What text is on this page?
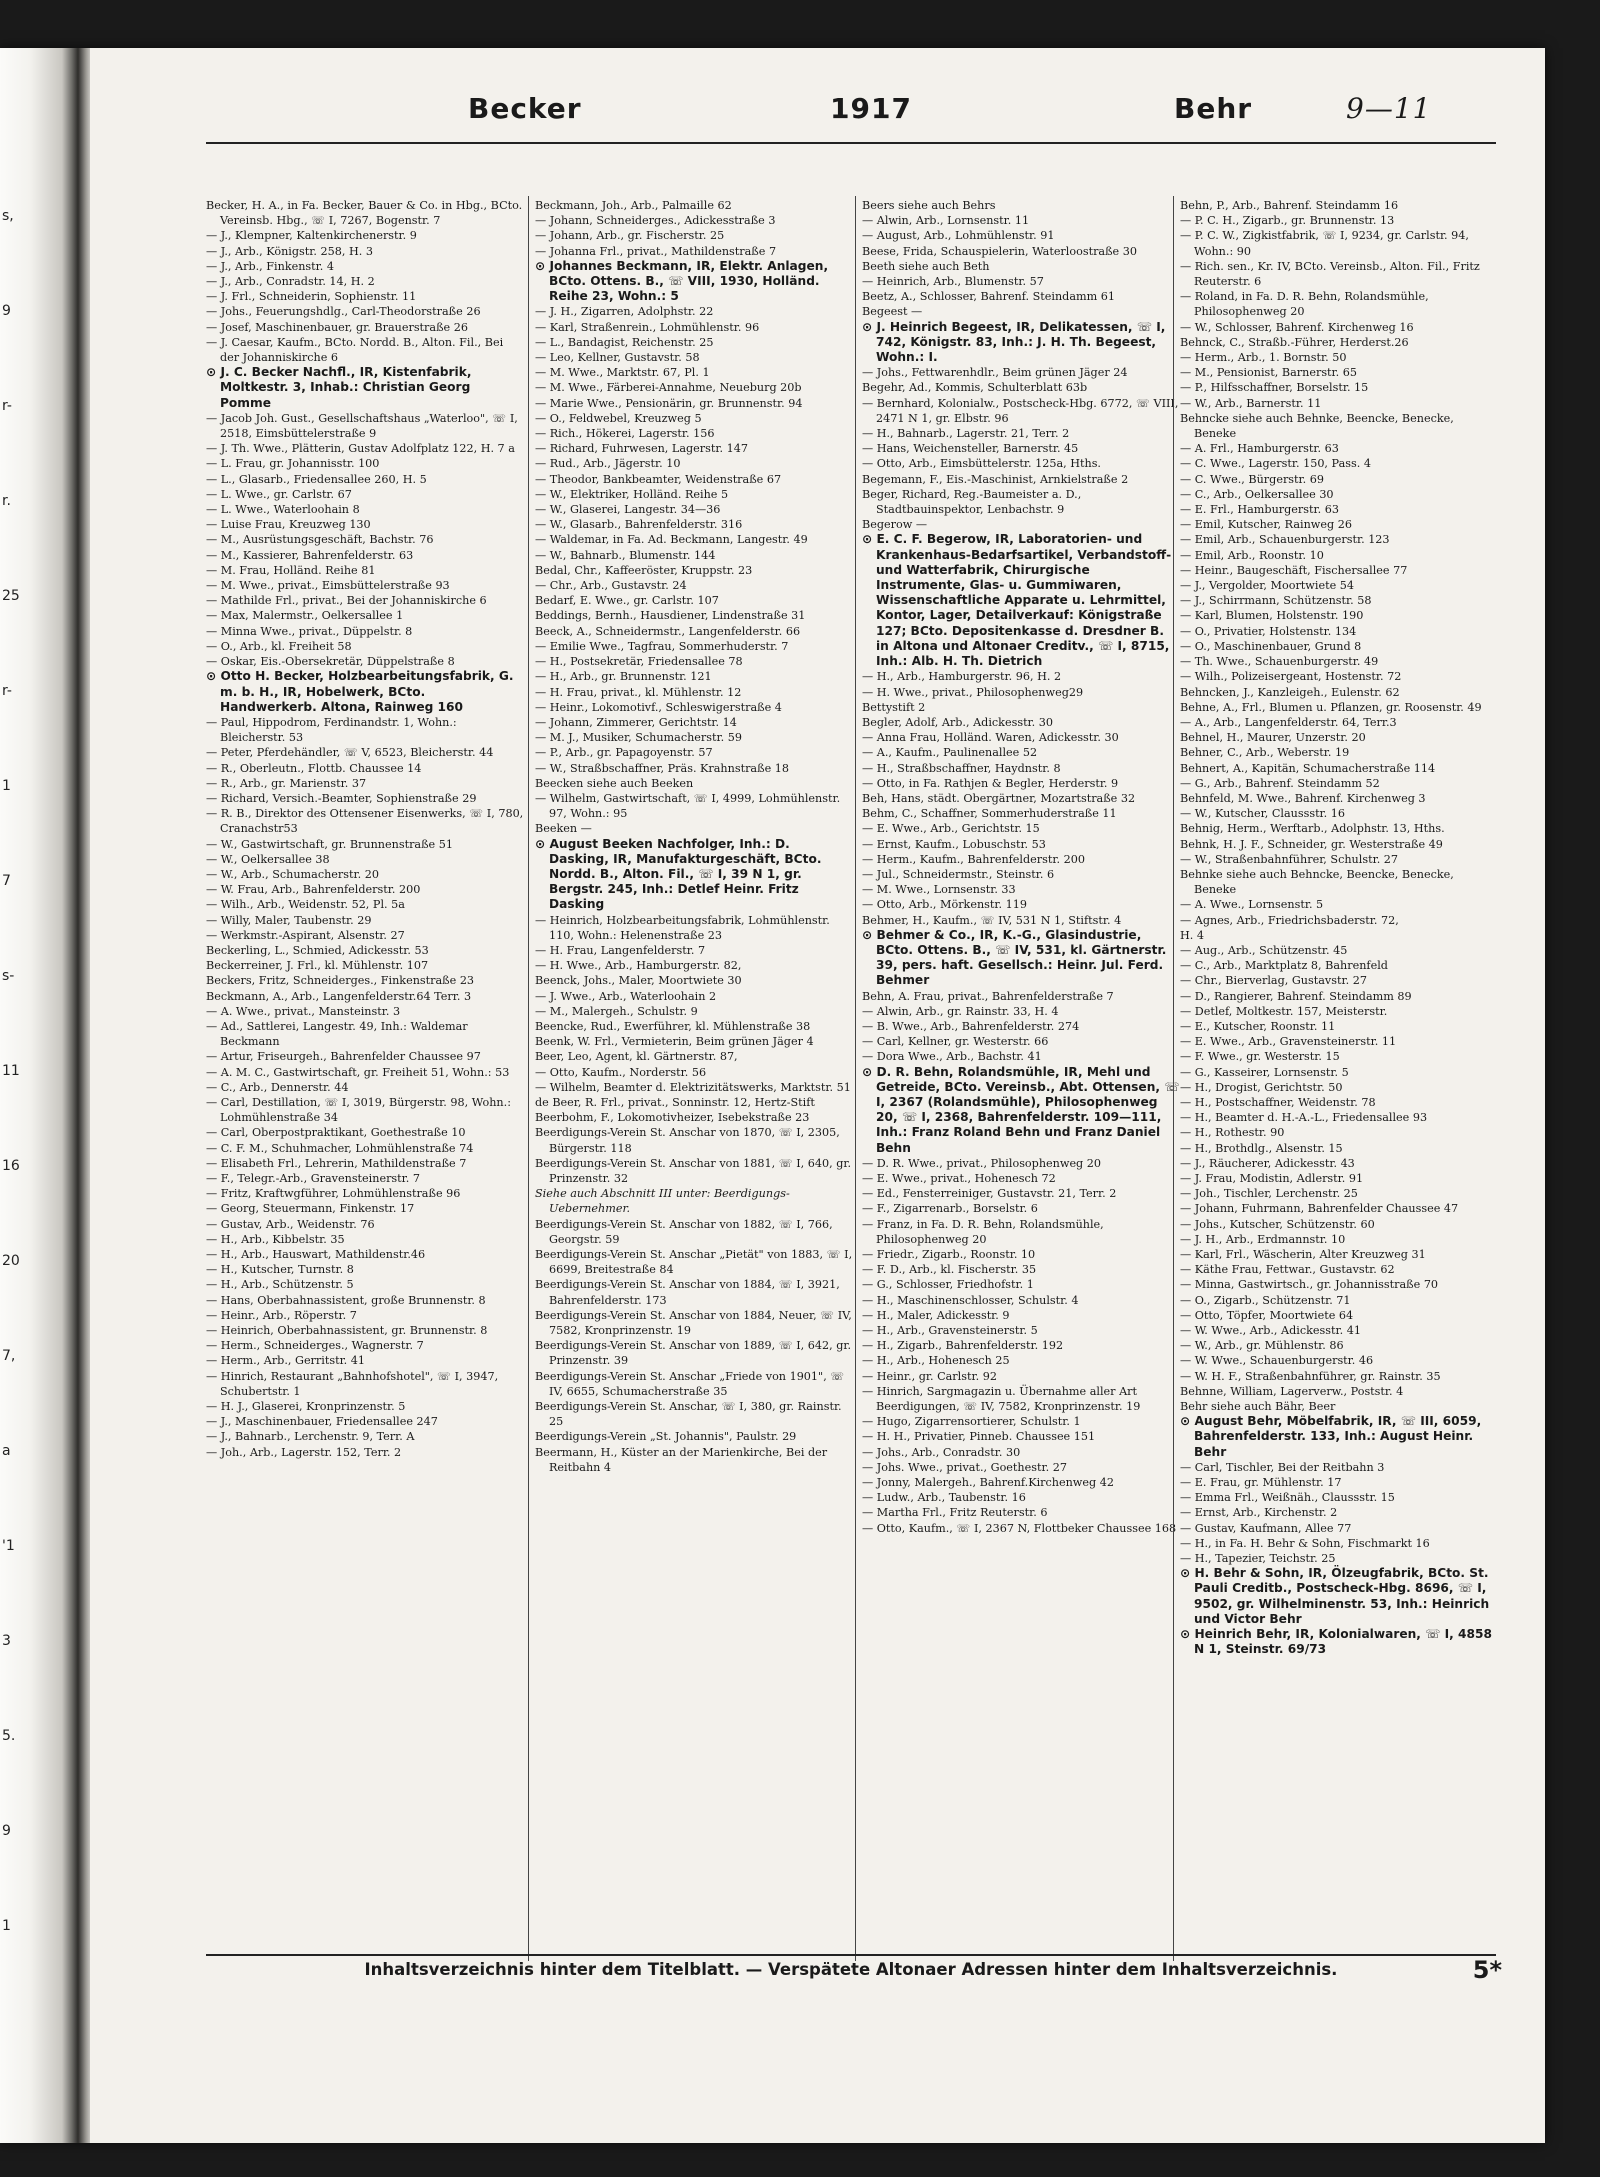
s,
9
r-
r.
25
r-
1
7
s-
11
16
20
7,
a
'1
3
5.
9
1
Becker	1917	Behr	9—11
Becker, H. A., in Fa. Becker, Bauer & Co. in Hbg., BCto. Vereinsb. Hbg., ☏ I, 7267, Bogenstr. 7
— J., Klempner, Kaltenkirchenerstr. 9
— J., Arb., Königstr. 258, H. 3
— J., Arb., Finkenstr. 4
— J., Arb., Conradstr. 14, H. 2
— J. Frl., Schneiderin, Sophienstr. 11
— Johs., Feuerungshdlg., Carl-Theodorstraße 26
— Josef, Maschinenbauer, gr. Brauerstraße 26
— J. Caesar, Kaufm., BCto. Nordd. B., Alton. Fil., Bei der Johanniskirche 6
⊙ J. C. Becker Nachfl., IR, Kistenfabrik, Moltkestr. 3, Inhab.: Christian Georg Pomme
— Jacob Joh. Gust., Gesellschaftshaus „Waterloo", ☏ I, 2518, Eimsbüttelerstraße 9
— J. Th. Wwe., Plätterin, Gustav Adolfplatz 122, H. 7 a
— L. Frau, gr. Johannisstr. 100
— L., Glasarb., Friedensallee 260, H. 5
— L. Wwe., gr. Carlstr. 67
— L. Wwe., Waterloohain 8
— Luise Frau, Kreuzweg 130
— M., Ausrüstungsgeschäft, Bachstr. 76
— M., Kassierer, Bahrenfelderstr. 63
— M. Frau, Holländ. Reihe 81
— M. Wwe., privat., Eimsbüttelerstraße 93
— Mathilde Frl., privat., Bei der Johanniskirche 6
— Max, Malermstr., Oelkersallee 1
— Minna Wwe., privat., Düppelstr. 8
— O., Arb., kl. Freiheit 58
— Oskar, Eis.-Obersekretär, Düppelstraße 8
⊙ Otto H. Becker, Holzbearbeitungsfabrik, G. m. b. H., IR, Hobelwerk, BCto. Handwerkerb. Altona, Rainweg 160
— Paul, Hippodrom, Ferdinandstr. 1, Wohn.: Bleicherstr. 53
— Peter, Pferdehändler, ☏ V, 6523, Bleicherstr. 44
— R., Oberleutn., Flottb. Chaussee 14
— R., Arb., gr. Marienstr. 37
— Richard, Versich.-Beamter, Sophienstraße 29
— R. B., Direktor des Ottensener Eisenwerks, ☏ I, 780, Cranachstr53
— W., Gastwirtschaft, gr. Brunnenstraße 51
— W., Oelkersallee 38
— W., Arb., Schumacherstr. 20
— W. Frau, Arb., Bahrenfelderstr. 200
— Wilh., Arb., Weidenstr. 52, Pl. 5a
— Willy, Maler, Taubenstr. 29
— Werkmstr.-Aspirant, Alsenstr. 27
Beckerling, L., Schmied, Adickesstr. 53
Beckerreiner, J. Frl., kl. Mühlenstr. 107
Beckers, Fritz, Schneiderges., Finkenstraße 23
Beckmann, A., Arb., Langenfelderstr.64 Terr. 3
— A. Wwe., privat., Mansteinstr. 3
— Ad., Sattlerei, Langestr. 49, Inh.: Waldemar Beckmann
— Artur, Friseurgeh., Bahrenfelder Chaussee 97
— A. M. C., Gastwirtschaft, gr. Freiheit 51, Wohn.: 53
— C., Arb., Dennerstr. 44
— Carl, Destillation, ☏ I, 3019, Bürgerstr. 98, Wohn.: Lohmühlenstraße 34
— Carl, Oberpostpraktikant, Goethestraße 10
— C. F. M., Schuhmacher, Lohmühlenstraße 74
— Elisabeth Frl., Lehrerin, Mathildenstraße 7
— F., Telegr.-Arb., Gravensteinerstr. 7
— Fritz, Kraftwgführer, Lohmühlenstraße 96
— Georg, Steuermann, Finkenstr. 17
— Gustav, Arb., Weidenstr. 76
— H., Arb., Kibbelstr. 35
— H., Arb., Hauswart, Mathildenstr.46
— H., Kutscher, Turnstr. 8
— H., Arb., Schützenstr. 5
— Hans, Oberbahnassistent, große Brunnenstr. 8
— Heinr., Arb., Röperstr. 7
— Heinrich, Oberbahnassistent, gr. Brunnenstr. 8
— Herm., Schneiderges., Wagnerstr. 7
— Herm., Arb., Gerritstr. 41
— Hinrich, Restaurant „Bahnhofshotel", ☏ I, 3947, Schubertstr. 1
— H. J., Glaserei, Kronprinzenstr. 5
— J., Maschinenbauer, Friedensallee 247
— J., Bahnarb., Lerchenstr. 9, Terr. A
— Joh., Arb., Lagerstr. 152, Terr. 2
Beckmann, Joh., Arb., Palmaille 62
— Johann, Schneiderges., Adickesstraße 3
— Johann, Arb., gr. Fischerstr. 25
— Johanna Frl., privat., Mathildenstraße 7
⊙ Johannes Beckmann, IR, Elektr. Anlagen, BCto. Ottens. B., ☏ VIII, 1930, Holländ. Reihe 23, Wohn.: 5
— J. H., Zigarren, Adolphstr. 22
— Karl, Straßenrein., Lohmühlenstr. 96
— L., Bandagist, Reichenstr. 25
— Leo, Kellner, Gustavstr. 58
— M. Wwe., Marktstr. 67, Pl. 1
— M. Wwe., Färberei-Annahme, Neueburg 20b
— Marie Wwe., Pensionärin, gr. Brunnenstr. 94
— O., Feldwebel, Kreuzweg 5
— Rich., Hökerei, Lagerstr. 156
— Richard, Fuhrwesen, Lagerstr. 147
— Rud., Arb., Jägerstr. 10
— Theodor, Bankbeamter, Weidenstraße 67
— W., Elektriker, Holländ. Reihe 5
— W., Glaserei, Langestr. 34—36
— W., Glasarb., Bahrenfelderstr. 316
— Waldemar, in Fa. Ad. Beckmann, Langestr. 49
— W., Bahnarb., Blumenstr. 144
Bedal, Chr., Kaffeeröster, Kruppstr. 23
— Chr., Arb., Gustavstr. 24
Bedarf, E. Wwe., gr. Carlstr. 107
Beddings, Bernh., Hausdiener, Lindenstraße 31
Beeck, A., Schneidermstr., Langenfelderstr. 66
— Emilie Wwe., Tagfrau, Sommerhuderstr. 7
— H., Postsekretär, Friedensallee 78
— H., Arb., gr. Brunnenstr. 121
— H. Frau, privat., kl. Mühlenstr. 12
— Heinr., Lokomotivf., Schleswigerstraße 4
— Johann, Zimmerer, Gerichtstr. 14
— M. J., Musiker, Schumacherstr. 59
— P., Arb., gr. Papagoyenstr. 57
— W., Straßbschaffner, Präs. Krahnstraße 18
Beecken siehe auch Beeken
— Wilhelm, Gastwirtschaft, ☏ I, 4999, Lohmühlenstr. 97, Wohn.: 95
Beeken —
⊙ August Beeken Nachfolger, Inh.: D. Dasking, IR, Manufakturgeschäft, BCto. Nordd. B., Alton. Fil., ☏ I, 39 N 1, gr. Bergstr. 245, Inh.: Detlef Heinr. Fritz Dasking
— Heinrich, Holzbearbeitungsfabrik, Lohmühlenstr. 110, Wohn.: Helenenstraße 23
— H. Frau, Langenfelderstr. 7
— H. Wwe., Arb., Hamburgerstr. 82,
Beenck, Johs., Maler, Moortwiete 30
— J. Wwe., Arb., Waterloohain 2
— M., Malergeh., Schulstr. 9
Beencke, Rud., Ewerführer, kl. Mühlenstraße 38
Beenk, W. Frl., Vermieterin, Beim grünen Jäger 4
Beer, Leo, Agent, kl. Gärtnerstr. 87,
— Otto, Kaufm., Norderstr. 56
— Wilhelm, Beamter d. Elektrizitätswerks, Marktstr. 51
de Beer, R. Frl., privat., Sonninstr. 12, Hertz-Stift
Beerbohm, F., Lokomotivheizer, Isebekstraße 23
Beerdigungs-Verein St. Anschar von 1870, ☏ I, 2305, Bürgerstr. 118
Beerdigungs-Verein St. Anschar von 1881, ☏ I, 640, gr. Prinzenstr. 32
Siehe auch Abschnitt III unter: Beerdigungs-Uebernehmer.
Beerdigungs-Verein St. Anschar von 1882, ☏ I, 766, Georgstr. 59
Beerdigungs-Verein St. Anschar „Pietät" von 1883, ☏ I, 6699, Breitestraße 84
Beerdigungs-Verein St. Anschar von 1884, ☏ I, 3921, Bahrenfelderstr. 173
Beerdigungs-Verein St. Anschar von 1884, Neuer, ☏ IV, 7582, Kronprinzenstr. 19
Beerdigungs-Verein St. Anschar von 1889, ☏ I, 642, gr. Prinzenstr. 39
Beerdigungs-Verein St. Anschar „Friede von 1901", ☏ IV, 6655, Schumacherstraße 35
Beerdigungs-Verein St. Anschar, ☏ I, 380, gr. Rainstr. 25
Beerdigungs-Verein „St. Johannis", Paulstr. 29
Beermann, H., Küster an der Marienkirche, Bei der Reitbahn 4
Beers siehe auch Behrs
— Alwin, Arb., Lornsenstr. 11
— August, Arb., Lohmühlenstr. 91
Beese, Frida, Schauspielerin, Waterloostraße 30
Beeth siehe auch Beth
— Heinrich, Arb., Blumenstr. 57
Beetz, A., Schlosser, Bahrenf. Steindamm 61
Begeest —
⊙ J. Heinrich Begeest, IR, Delikatessen, ☏ I, 742, Königstr. 83, Inh.: J. H. Th. Begeest, Wohn.: I.
— Johs., Fettwarenhdlr., Beim grünen Jäger 24
Begehr, Ad., Kommis, Schulterblatt 63b
— Bernhard, Kolonialw., Postscheck-Hbg. 6772, ☏ VIII, 2471 N 1, gr. Elbstr. 96
— H., Bahnarb., Lagerstr. 21, Terr. 2
— Hans, Weichensteller, Barnerstr. 45
— Otto, Arb., Eimsbüttelerstr. 125a, Hths.
Begemann, F., Eis.-Maschinist, Arnkielstraße 2
Beger, Richard, Reg.-Baumeister a. D., Stadtbauinspektor, Lenbachstr. 9
Begerow —
⊙ E. C. F. Begerow, IR, Laboratorien- und Krankenhaus-Bedarfsartikel, Verbandstoff- und Watterfabrik, Chirurgische Instrumente, Glas- u. Gummiwaren, Wissenschaftliche Apparate u. Lehrmittel, Kontor, Lager, Detailverkauf: Königstraße 127; BCto. Depositenkasse d. Dresdner B. in Altona und Altonaer Creditv., ☏ I, 8715, Inh.: Alb. H. Th. Dietrich
— H., Arb., Hamburgerstr. 96, H. 2
— H. Wwe., privat., Philosophenweg29
Bettystift 2
Begler, Adolf, Arb., Adickesstr. 30
— Anna Frau, Holländ. Waren, Adickesstr. 30
— A., Kaufm., Paulinenallee 52
— H., Straßbschaffner, Haydnstr. 8
— Otto, in Fa. Rathjen & Begler, Herderstr. 9
Beh, Hans, städt. Obergärtner, Mozartstraße 32
Behm, C., Schaffner, Sommerhuderstraße 11
— E. Wwe., Arb., Gerichtstr. 15
— Ernst, Kaufm., Lobuschstr. 53
— Herm., Kaufm., Bahrenfelderstr. 200
— Jul., Schneidermstr., Steinstr. 6
— M. Wwe., Lornsenstr. 33
— Otto, Arb., Mörkenstr. 119
Behmer, H., Kaufm., ☏ IV, 531 N 1, Stiftstr. 4
⊙ Behmer & Co., IR, K.-G., Glasindustrie, BCto. Ottens. B., ☏ IV, 531, kl. Gärtnerstr. 39, pers. haft. Gesellsch.: Heinr. Jul. Ferd. Behmer
Behn, A. Frau, privat., Bahrenfelderstraße 7
— Alwin, Arb., gr. Rainstr. 33, H. 4
— B. Wwe., Arb., Bahrenfelderstr. 274
— Carl, Kellner, gr. Westerstr. 66
— Dora Wwe., Arb., Bachstr. 41
⊙ D. R. Behn, Rolandsmühle, IR, Mehl und Getreide, BCto. Vereinsb., Abt. Ottensen, ☏ I, 2367 (Rolandsmühle), Philosophenweg 20, ☏ I, 2368, Bahrenfelderstr. 109—111, Inh.: Franz Roland Behn und Franz Daniel Behn
— D. R. Wwe., privat., Philosophenweg 20
— E. Wwe., privat., Hohenesch 72
— Ed., Fensterreiniger, Gustavstr. 21, Terr. 2
— F., Zigarrenarb., Borselstr. 6
— Franz, in Fa. D. R. Behn, Rolandsmühle, Philosophenweg 20
— Friedr., Zigarb., Roonstr. 10
— F. D., Arb., kl. Fischerstr. 35
— G., Schlosser, Friedhofstr. 1
— H., Maschinenschlosser, Schulstr. 4
— H., Maler, Adickesstr. 9
— H., Arb., Gravensteinerstr. 5
— H., Zigarb., Bahrenfelderstr. 192
— H., Arb., Hohenesch 25
— Heinr., gr. Carlstr. 92
— Hinrich, Sargmagazin u. Übernahme aller Art Beerdigungen, ☏ IV, 7582, Kronprinzenstr. 19
— Hugo, Zigarrensortierer, Schulstr. 1
— H. H., Privatier, Pinneb. Chaussee 151
— Johs., Arb., Conradstr. 30
— Johs. Wwe., privat., Goethestr. 27
— Jonny, Malergeh., Bahrenf.Kirchenweg 42
— Ludw., Arb., Taubenstr. 16
— Martha Frl., Fritz Reuterstr. 6
— Otto, Kaufm., ☏ I, 2367 N, Flottbeker Chaussee 168
Behn, P., Arb., Bahrenf. Steindamm 16
— P. C. H., Zigarb., gr. Brunnenstr. 13
— P. C. W., Zigkistfabrik, ☏ I, 9234, gr. Carlstr. 94, Wohn.: 90
— Rich. sen., Kr. IV, BCto. Vereinsb., Alton. Fil., Fritz Reuterstr. 6
— Roland, in Fa. D. R. Behn, Rolandsmühle, Philosophenweg 20
— W., Schlosser, Bahrenf. Kirchenweg 16
Behnck, C., Straßb.-Führer, Herderst.26
— Herm., Arb., 1. Bornstr. 50
— M., Pensionist, Barnerstr. 65
— P., Hilfsschaffner, Borselstr. 15
— W., Arb., Barnerstr. 11
Behncke siehe auch Behnke, Beencke, Benecke, Beneke
— A. Frl., Hamburgerstr. 63
— C. Wwe., Lagerstr. 150, Pass. 4
— C. Wwe., Bürgerstr. 69
— C., Arb., Oelkersallee 30
— E. Frl., Hamburgerstr. 63
— Emil, Kutscher, Rainweg 26
— Emil, Arb., Schauenburgerstr. 123
— Emil, Arb., Roonstr. 10
— Heinr., Baugeschäft, Fischersallee 77
— J., Vergolder, Moortwiete 54
— J., Schirrmann, Schützenstr. 58
— Karl, Blumen, Holstenstr. 190
— O., Privatier, Holstenstr. 134
— O., Maschinenbauer, Grund 8
— Th. Wwe., Schauenburgerstr. 49
— Wilh., Polizeisergeant, Hostenstr. 72
Behncken, J., Kanzleigeh., Eulenstr. 62
Behne, A., Frl., Blumen u. Pflanzen, gr. Roosenstr. 49
— A., Arb., Langenfelderstr. 64, Terr.3
Behnel, H., Maurer, Unzerstr. 20
Behner, C., Arb., Weberstr. 19
Behnert, A., Kapitän, Schumacherstraße 114
— G., Arb., Bahrenf. Steindamm 52
Behnfeld, M. Wwe., Bahrenf. Kirchenweg 3
— W., Kutscher, Claussstr. 16
Behnig, Herm., Werftarb., Adolphstr. 13, Hths.
Behnk, H. J. F., Schneider, gr. Westerstraße 49
— W., Straßenbahnführer, Schulstr. 27
Behnke siehe auch Behncke, Beencke, Benecke, Beneke
— A. Wwe., Lornsenstr. 5
— Agnes, Arb., Friedrichsbaderstr. 72,
H. 4
— Aug., Arb., Schützenstr. 45
— C., Arb., Marktplatz 8, Bahrenfeld
— Chr., Bierverlag, Gustavstr. 27
— D., Rangierer, Bahrenf. Steindamm 89
— Detlef, Moltkestr. 157, Meisterstr.
— E., Kutscher, Roonstr. 11
— E. Wwe., Arb., Gravensteinerstr. 11
— F. Wwe., gr. Westerstr. 15
— G., Kasseirer, Lornsenstr. 5
— H., Drogist, Gerichtstr. 50
— H., Postschaffner, Weidenstr. 78
— H., Beamter d. H.-A.-L., Friedensallee 93
— H., Rothestr. 90
— H., Brothdlg., Alsenstr. 15
— J., Räucherer, Adickesstr. 43
— J. Frau, Modistin, Adlerstr. 91
— Joh., Tischler, Lerchenstr. 25
— Johann, Fuhrmann, Bahrenfelder Chaussee 47
— Johs., Kutscher, Schützenstr. 60
— J. H., Arb., Erdmannstr. 10
— Karl, Frl., Wäscherin, Alter Kreuzweg 31
— Käthe Frau, Fettwar., Gustavstr. 62
— Minna, Gastwirtsch., gr. Johannisstraße 70
— O., Zigarb., Schützenstr. 71
— Otto, Töpfer, Moortwiete 64
— W. Wwe., Arb., Adickesstr. 41
— W., Arb., gr. Mühlenstr. 86
— W. Wwe., Schauenburgerstr. 46
— W. H. F., Straßenbahnführer, gr. Rainstr. 35
Behnne, William, Lagerverw., Poststr. 4
Behr siehe auch Bähr, Beer
⊙ August Behr, Möbelfabrik, IR, ☏ III, 6059, Bahrenfelderstr. 133, Inh.: August Heinr. Behr
— Carl, Tischler, Bei der Reitbahn 3
— E. Frau, gr. Mühlenstr. 17
— Emma Frl., Weißnäh., Claussstr. 15
— Ernst, Arb., Kirchenstr. 2
— Gustav, Kaufmann, Allee 77
— H., in Fa. H. Behr & Sohn, Fischmarkt 16
— H., Tapezier, Teichstr. 25
⊙ H. Behr & Sohn, IR, Ölzeugfabrik, BCto. St. Pauli Creditb., Postscheck-Hbg. 8696, ☏ I, 9502, gr. Wilhelminenstr. 53, Inh.: Heinrich und Victor Behr
⊙ Heinrich Behr, IR, Kolonialwaren, ☏ I, 4858 N 1, Steinstr. 69/73
Inhaltsverzeichnis hinter dem Titelblatt. — Verspätete Altonaer Adressen hinter dem Inhaltsverzeichnis.	5*
